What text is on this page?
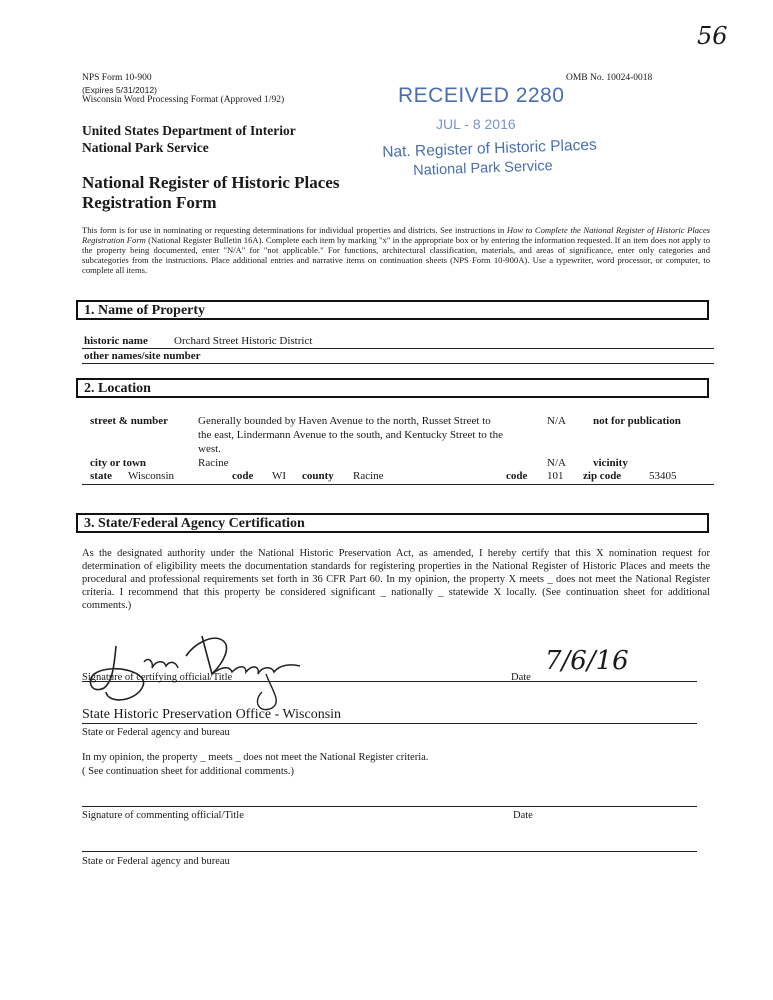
56
NPS Form 10-900
(Expires 5/31/2012)
Wisconsin Word Processing Format (Approved 1/92)
OMB No. 10024-0018
United States Department of Interior
National Park Service
National Register of Historic Places
Registration Form
RECEIVED 2280
JUL - 8 2016
Nat. Register of Historic Places
National Park Service
This form is for use in nominating or requesting determinations for individual properties and districts. See instructions in How to Complete the National Register of Historic Places Registration Form (National Register Bulletin 16A). Complete each item by marking "x" in the appropriate box or by entering the information requested. If an item does not apply to the property being documented, enter "N/A" for "not applicable." For functions, architectural classification, materials, and areas of significance, enter only categories and subcategories from the instructions. Place additional entries and narrative items on continuation sheets (NPS Form 10-900A). Use a typewriter, word processor, or computer, to complete all items.
1. Name of Property
historic name Orchard Street Historic District
other names/site number
2. Location
street & number	Generally bounded by Haven Avenue to the north, Russet Street to
the east, Lindermann Avenue to the south, and Kentucky Street to the
west.
N/A not for publication
city or town	Racine	N/A vicinity
state Wisconsin	code WI county Racine	code 101 zip code	53405
3. State/Federal Agency Certification
As the designated authority under the National Historic Preservation Act, as amended, I hereby certify that this X nomination request for determination of eligibility meets the documentation standards for registering properties in the National Register of Historic Places and meets the procedural and professional requirements set forth in 36 CFR Part 60. In my opinion, the property X meets _ does not meet the National Register criteria. I recommend that this property be considered significant _ nationally _ statewide X locally. (See continuation sheet for additional comments.)
Signature of certifying official/Title	Date
7/6/16
State Historic Preservation Office - Wisconsin
State or Federal agency and bureau
In my opinion, the property _ meets _ does not meet the National Register criteria.
( See continuation sheet for additional comments.)
Signature of commenting official/Title	Date
State or Federal agency and bureau
